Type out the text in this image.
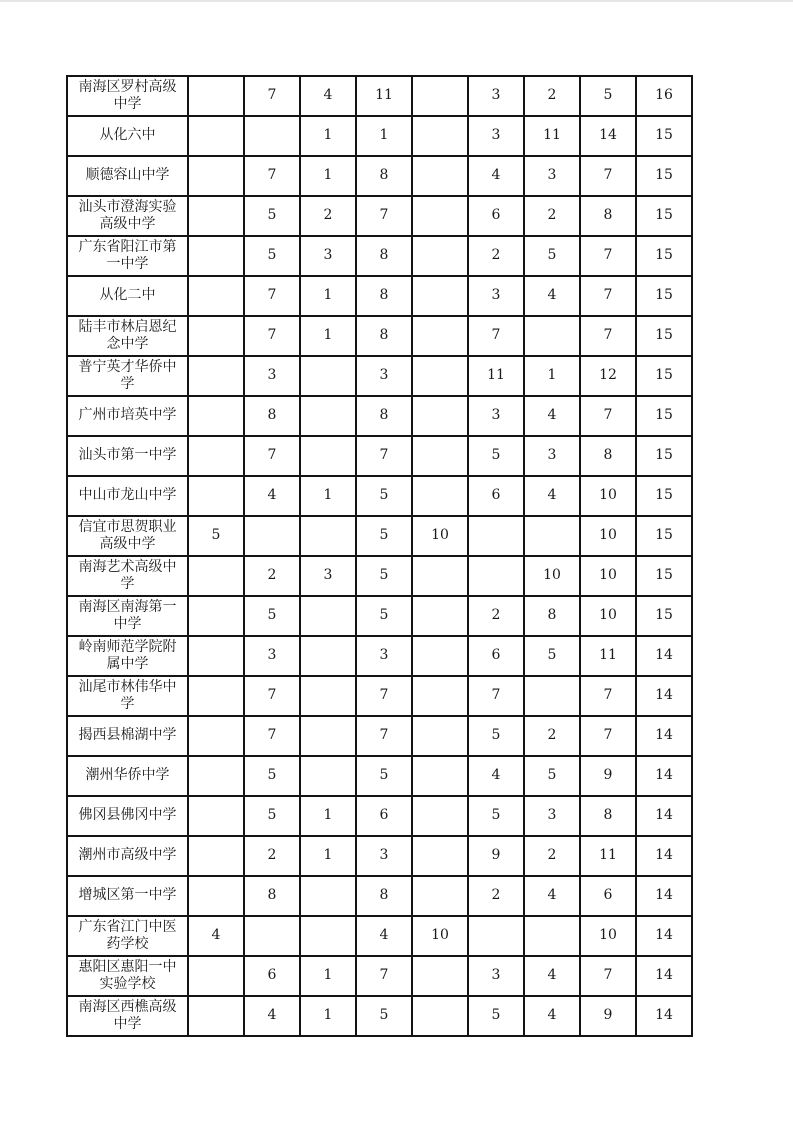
南海区罗村高级中学		7	4	11		3	2	5	16
从化六中			1	1		3	11	14	15
顺德容山中学		7	1	8		4	3	7	15
汕头市澄海实验高级中学		5	2	7		6	2	8	15
广东省阳江市第一中学		5	3	8		2	5	7	15
从化二中		7	1	8		3	4	7	15
陆丰市林启恩纪念中学		7	1	8		7		7	15
普宁英才华侨中学		3		3		11	1	12	15
广州市培英中学		8		8		3	4	7	15
汕头市第一中学		7		7		5	3	8	15
中山市龙山中学		4	1	5		6	4	10	15
信宜市思贺职业高级中学	5			5	10			10	15
南海艺术高级中学		2	3	5			10	10	15
南海区南海第一中学		5		5		2	8	10	15
岭南师范学院附属中学		3		3		6	5	11	14
汕尾市林伟华中学		7		7		7		7	14
揭西县棉湖中学		7		7		5	2	7	14
潮州华侨中学		5		5		4	5	9	14
佛冈县佛冈中学		5	1	6		5	3	8	14
潮州市高级中学		2	1	3		9	2	11	14
增城区第一中学		8		8		2	4	6	14
广东省江门中医药学校	4			4	10			10	14
惠阳区惠阳一中实验学校		6	1	7		3	4	7	14
南海区西樵高级中学		4	1	5		5	4	9	14
